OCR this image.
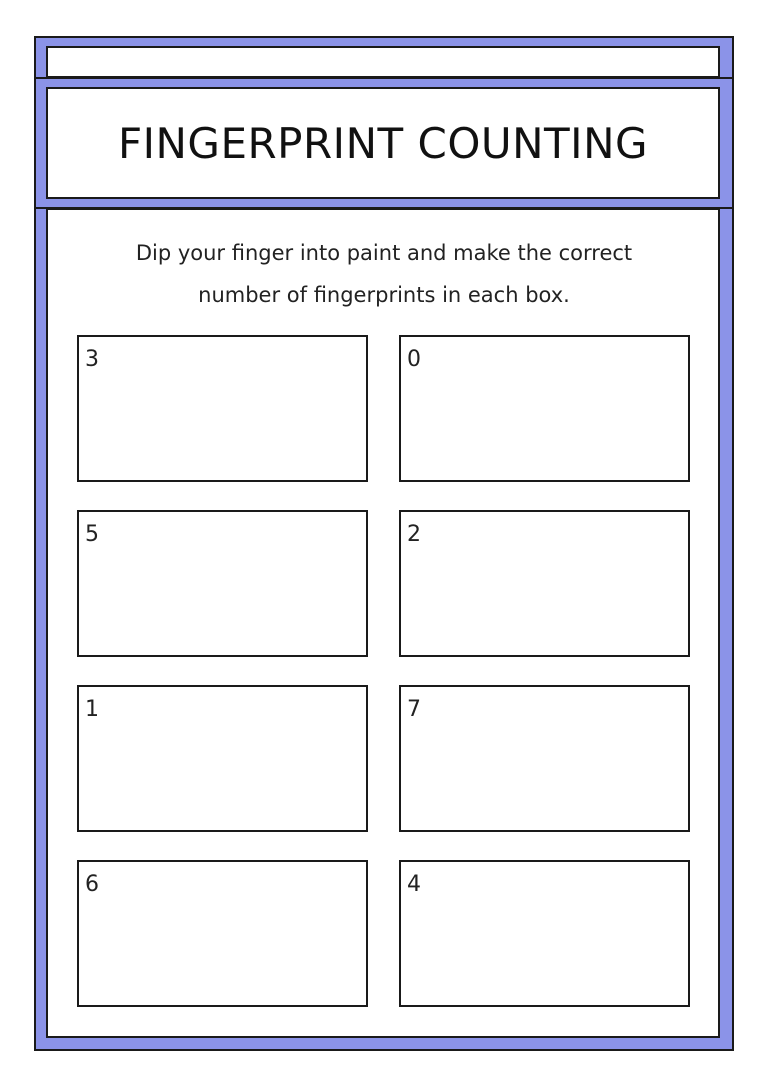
FINGERPRINT COUNTING
Dip your finger into paint and make the correct
number of fingerprints in each box.
3	0
5	2
1	7
6	4
